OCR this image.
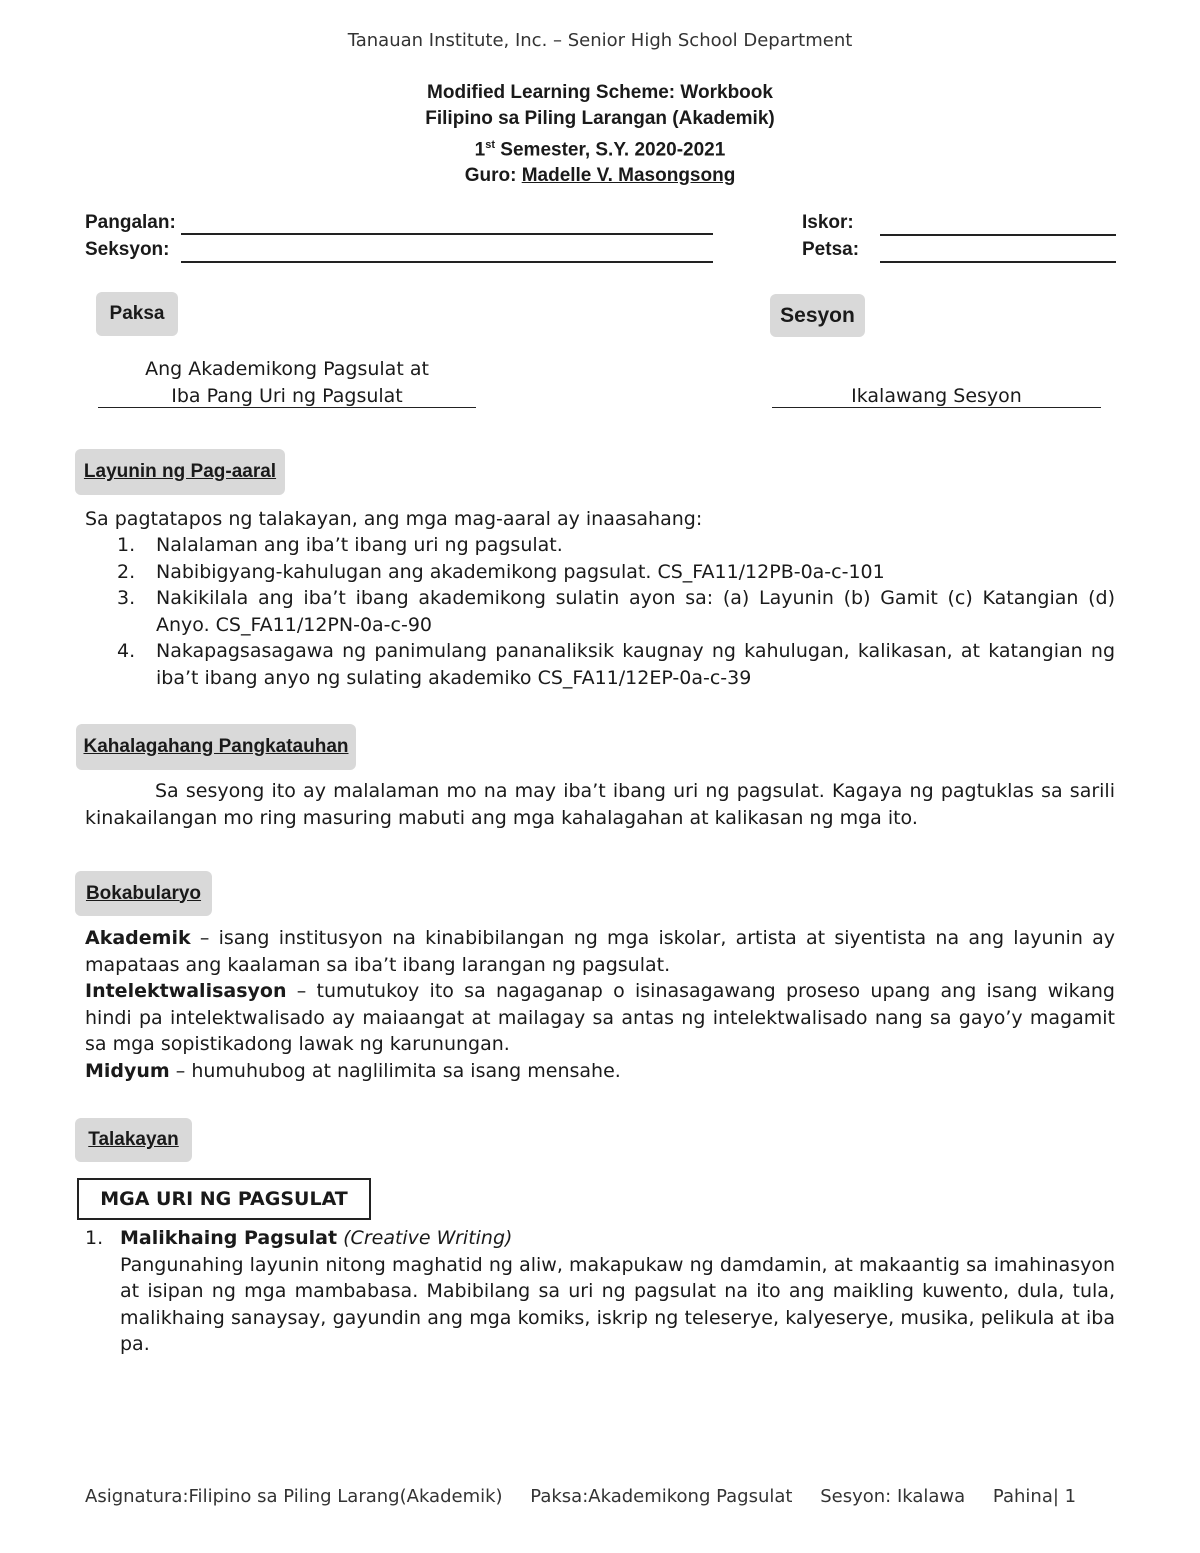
Tanauan Institute, Inc. – Senior High School Department
Modified Learning Scheme: Workbook
Filipino sa Piling Larangan (Akademik)
1st Semester, S.Y. 2020-2021
Guro: Madelle V. Masongsong
Pangalan:
Seksyon:
Iskor:
Petsa:
Paksa	Sesyon
Ang Akademikong Pagsulat at
Iba Pang Uri ng Pagsulat	Ikalawang Sesyon
Layunin ng Pag-aaral
Sa pagtatapos ng talakayan, ang mga mag-aaral ay inaasahang:
1. Nalalaman ang iba’t ibang uri ng pagsulat.
2. Nabibigyang-kahulugan ang akademikong pagsulat. CS_FA11/12PB-0a-c-101
3. Nakikilala ang iba’t ibang akademikong sulatin ayon sa: (a) Layunin (b) Gamit (c) Katangian (d) Anyo. CS_FA11/12PN-0a-c-90
4. Nakapagsasagawa ng panimulang pananaliksik kaugnay ng kahulugan, kalikasan, at katangian ng iba’t ibang anyo ng sulating akademiko CS_FA11/12EP-0a-c-39
Kahalagahang Pangkatauhan
Sa sesyong ito ay malalaman mo na may iba’t ibang uri ng pagsulat. Kagaya ng pagtuklas sa sarili kinakailangan mo ring masuring mabuti ang mga kahalagahan at kalikasan ng mga ito.
Bokabularyo
Akademik – isang institusyon na kinabibilangan ng mga iskolar, artista at siyentista na ang layunin ay mapataas ang kaalaman sa iba’t ibang larangan ng pagsulat.
Intelektwalisasyon – tumutukoy ito sa nagaganap o isinasagawang proseso upang ang isang wikang hindi pa intelektwalisado ay maiaangat at mailagay sa antas ng intelektwalisado nang sa gayo’y magamit sa mga sopistikadong lawak ng karunungan.
Midyum – humuhubog at naglilimita sa isang mensahe.
Talakayan
MGA URI NG PAGSULAT
1. Malikhaing Pagsulat (Creative Writing)
Pangunahing layunin nitong maghatid ng aliw, makapukaw ng damdamin, at makaantig sa imahinasyon at isipan ng mga mambabasa. Mabibilang sa uri ng pagsulat na ito ang maikling kuwento, dula, tula, malikhaing sanaysay, gayundin ang mga komiks, iskrip ng teleserye, kalyeserye, musika, pelikula at iba pa.
Asignatura:Filipino sa Piling Larang(Akademik) Paksa:Akademikong Pagsulat Sesyon: Ikalawa Pahina| 1
